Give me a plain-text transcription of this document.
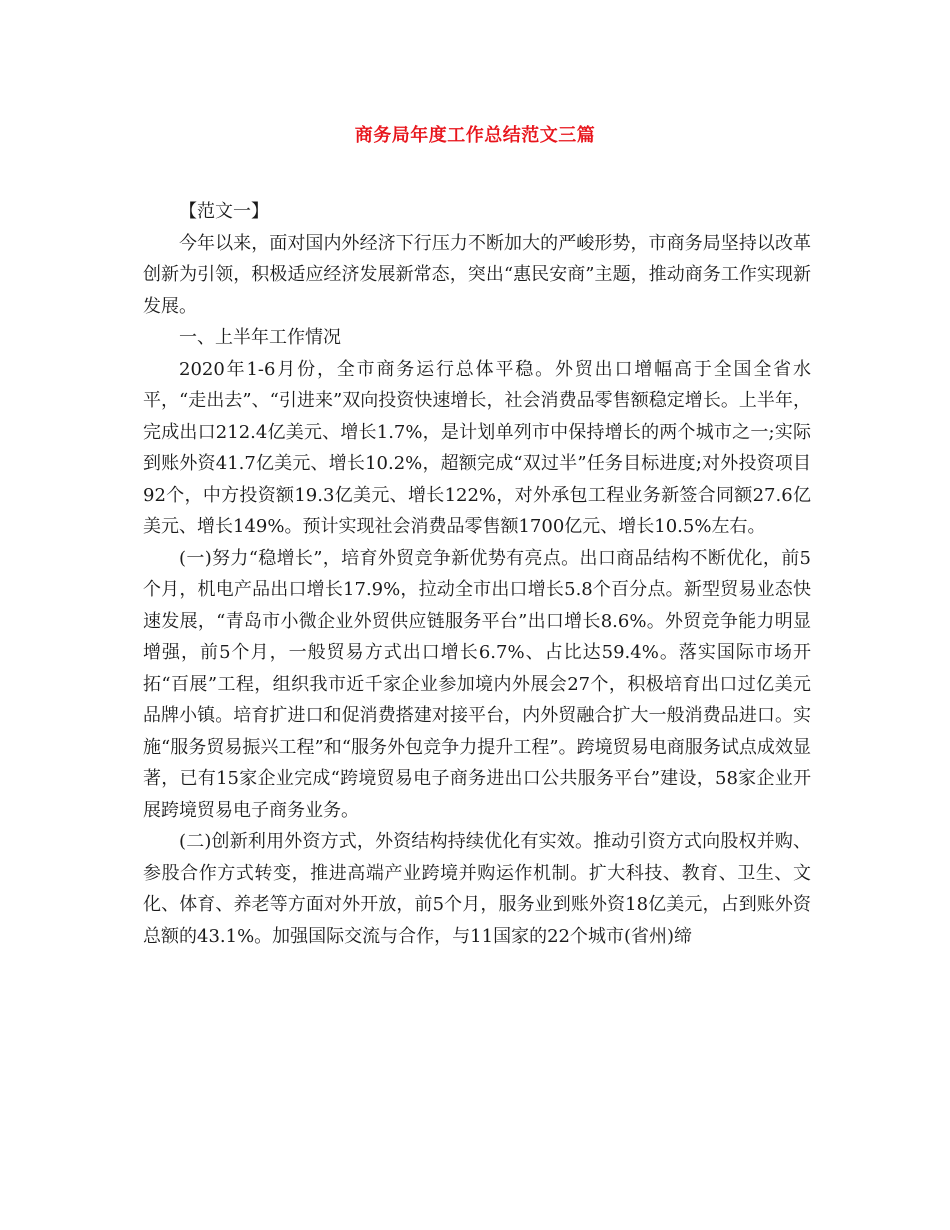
商务局年度工作总结范文三篇

【范文一】

今年以来，面对国内外经济下行压力不断加大的严峻形势，市商务局坚持以改革创新为引领，积极适应经济发展新常态，突出“惠民安商”主题，推动商务工作实现新发展。

一、上半年工作情况

2020年1-6月份，全市商务运行总体平稳。外贸出口增幅高于全国全省水平，“走出去”、“引进来”双向投资快速增长，社会消费品零售额稳定增长。上半年，完成出口212.4亿美元、增长1.7%，是计划单列市中保持增长的两个城市之一;实际到账外资41.7亿美元、增长10.2%，超额完成“双过半”任务目标进度;对外投资项目92个，中方投资额19.3亿美元、增长122%，对外承包工程业务新签合同额27.6亿美元、增长149%。预计实现社会消费品零售额1700亿元、增长10.5%左右。

(一)努力“稳增长”，培育外贸竞争新优势有亮点。出口商品结构不断优化，前5个月，机电产品出口增长17.9%，拉动全市出口增长5.8个百分点。新型贸易业态快速发展，“青岛市小微企业外贸供应链服务平台”出口增长8.6%。外贸竞争能力明显增强，前5个月，一般贸易方式出口增长6.7%、占比达59.4%。落实国际市场开拓“百展”工程，组织我市近千家企业参加境内外展会27个，积极培育出口过亿美元品牌小镇。培育扩进口和促消费搭建对接平台，内外贸融合扩大一般消费品进口。实施“服务贸易振兴工程”和“服务外包竞争力提升工程”。跨境贸易电商服务试点成效显著，已有15家企业完成“跨境贸易电子商务进出口公共服务平台”建设，58家企业开展跨境贸易电子商务业务。

(二)创新利用外资方式，外资结构持续优化有实效。推动引资方式向股权并购、参股合作方式转变，推进高端产业跨境并购运作机制。扩大科技、教育、卫生、文化、体育、养老等方面对外开放，前5个月，服务业到账外资18亿美元，占到账外资总额的43.1%。加强国际交流与合作，与11国家的22个城市(省州)缔
